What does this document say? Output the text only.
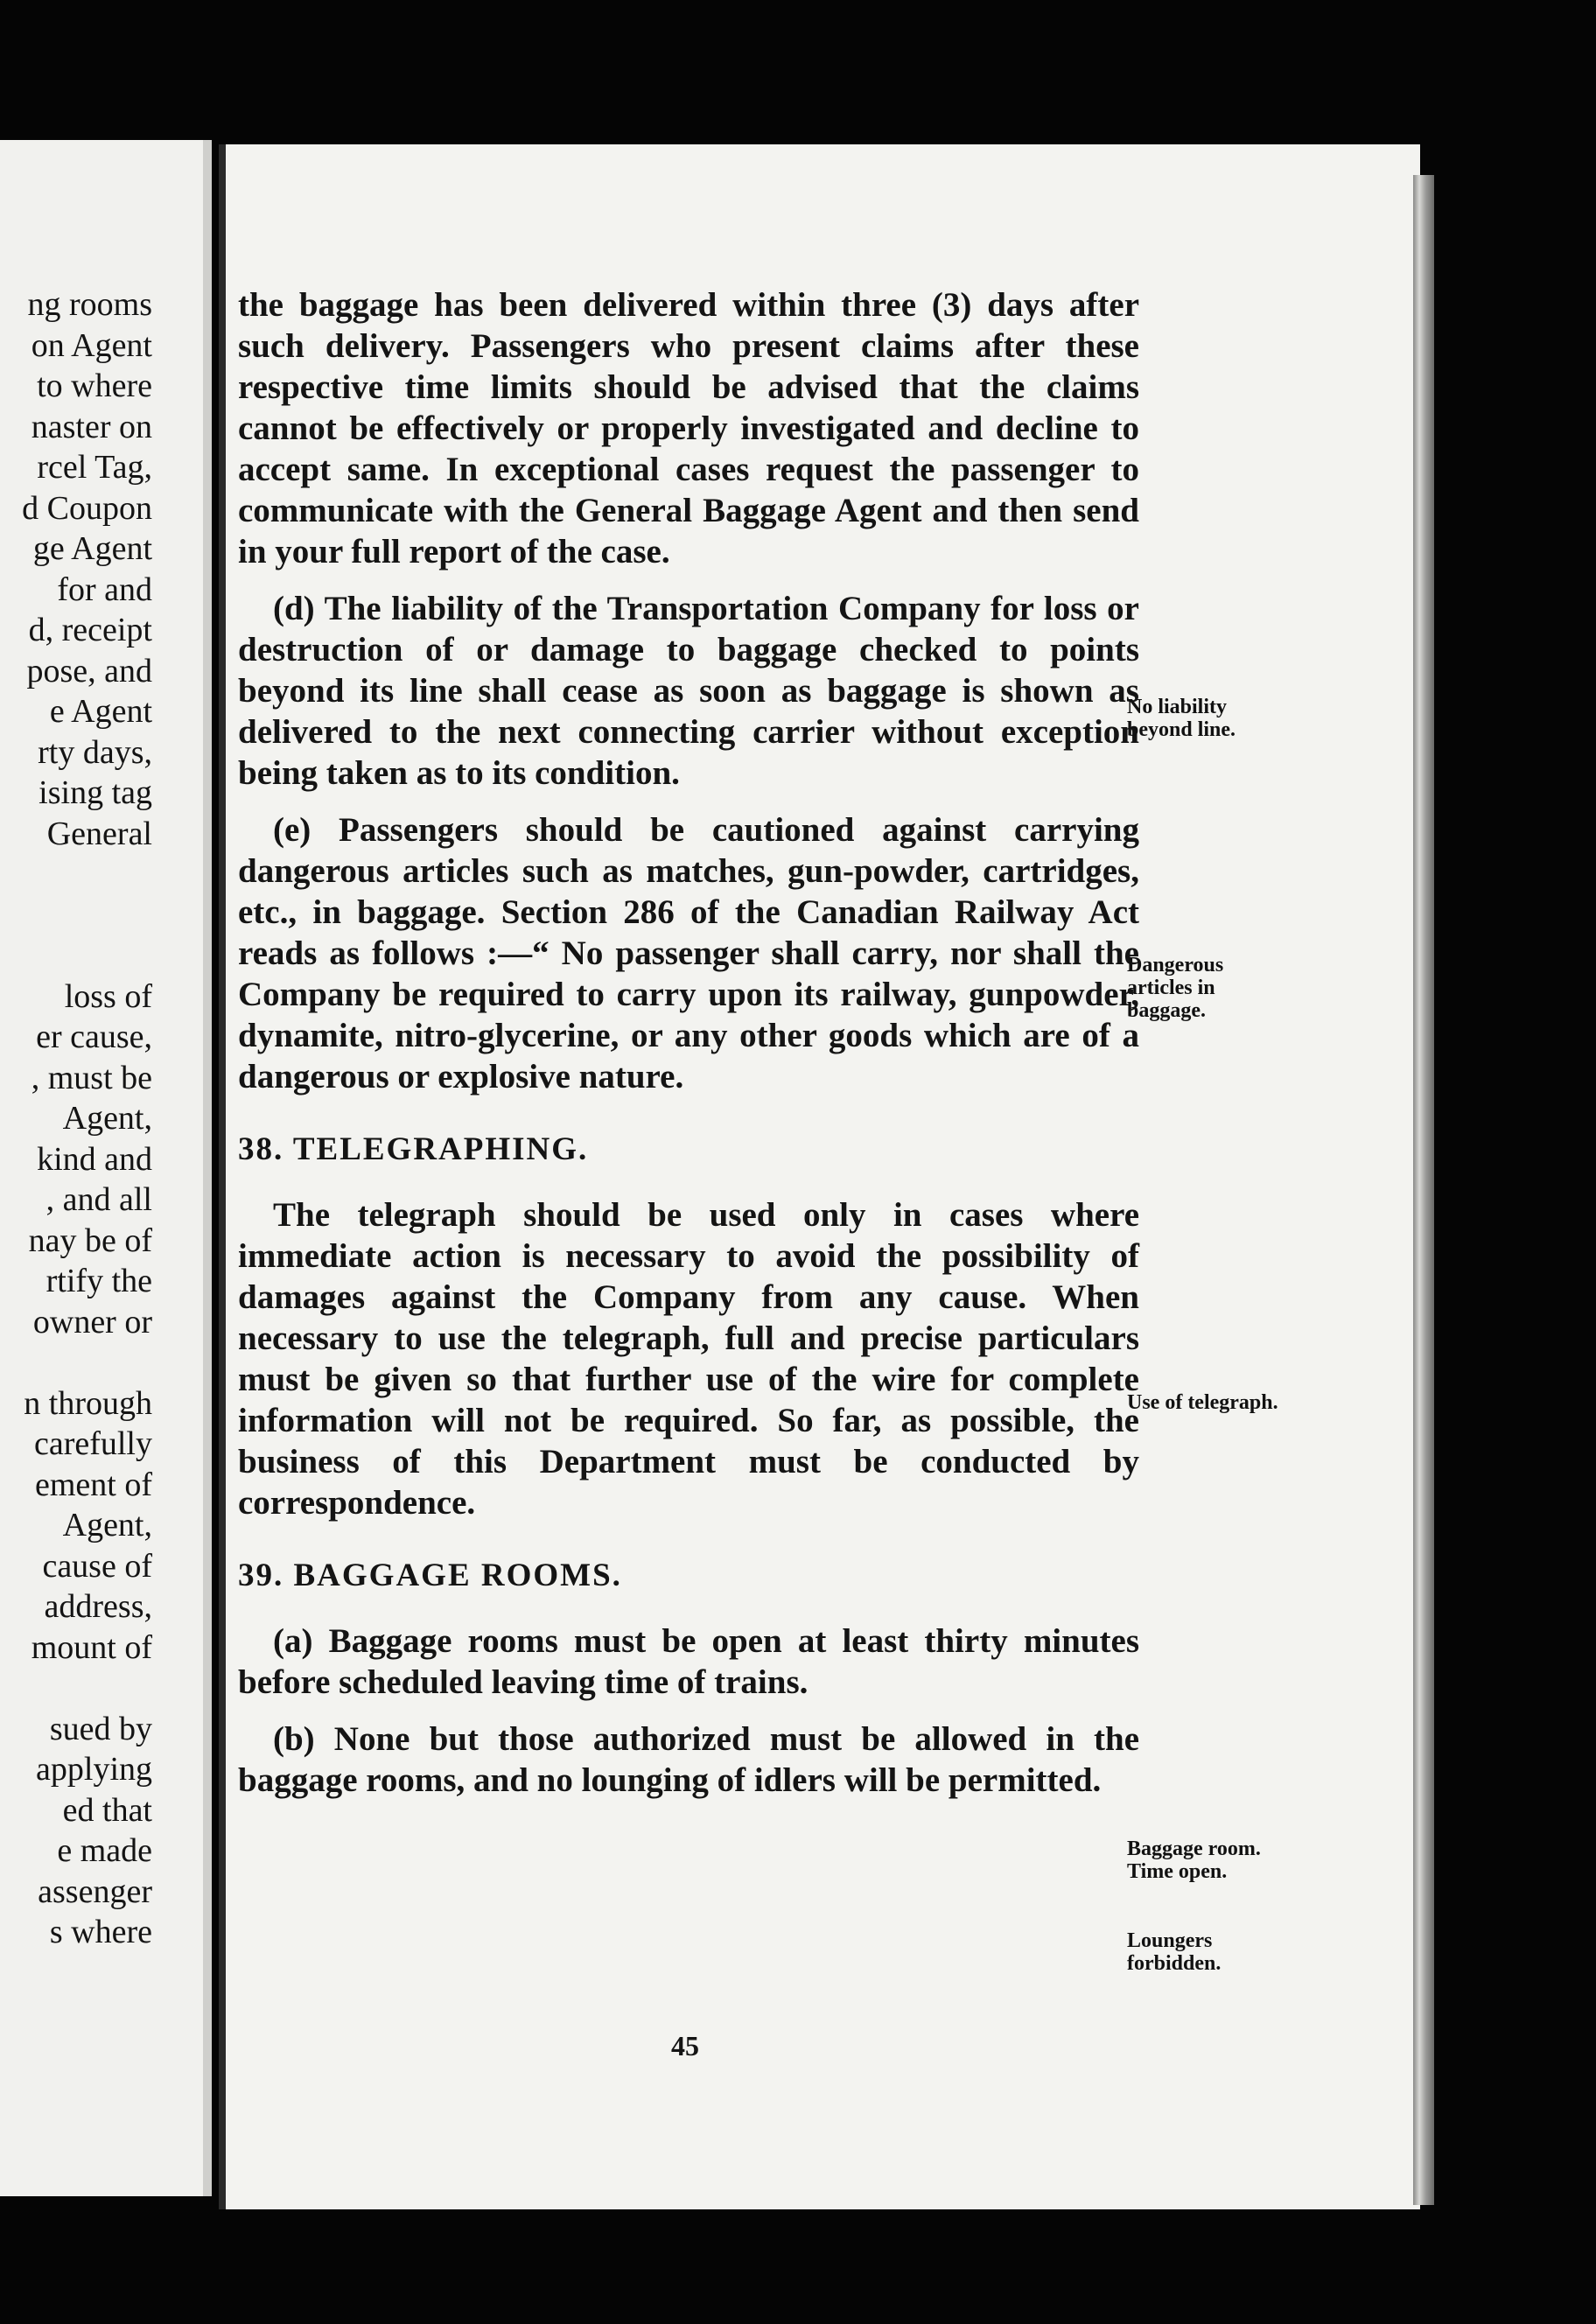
ng rooms
on Agent
to where
naster on
rcel Tag,
d Coupon
ge Agent
for and
d, receipt
pose, and
e Agent
rty days,
ising tag
General

loss of
er cause,
, must be
Agent,
kind and
, and all
nay be of
rtify the
owner or

n through
carefully
ement of
Agent,
cause of
address,
mount of

sued by
applying
ed that
e made
assenger
s where

the baggage has been delivered within three (3) days after such delivery. Passengers who present claims after these respective time limits should be advised that the claims cannot be effectively or properly investigated and decline to accept same. In exceptional cases request the passenger to communicate with the General Baggage Agent and then send in your full report of the case.

(d) The liability of the Transportation Company for loss or destruction of or damage to baggage checked to points beyond its line shall cease as soon as baggage is shown as delivered to the next connecting carrier without exception being taken as to its condition.

(e) Passengers should be cautioned against carrying dangerous articles such as matches, gun-powder, cartridges, etc., in baggage. Section 286 of the Canadian Railway Act reads as follows :—“ No passenger shall carry, nor shall the Company be required to carry upon its railway, gunpowder, dynamite, nitro-glycerine, or any other goods which are of a dangerous or explosive nature.

38. TELEGRAPHING.

The telegraph should be used only in cases where immediate action is necessary to avoid the possibility of damages against the Company from any cause. When necessary to use the telegraph, full and precise particulars must be given so that further use of the wire for complete information will not be required. So far, as possible, the business of this Department must be conducted by correspondence.

39. BAGGAGE ROOMS.

(a) Baggage rooms must be open at least thirty minutes before scheduled leaving time of trains.

(b) None but those authorized must be allowed in the baggage rooms, and no lounging of idlers will be permitted.

No liability beyond line.
Dangerous articles in baggage.
Use of telegraph.
Baggage room. Time open.
Loungers forbidden.
45
